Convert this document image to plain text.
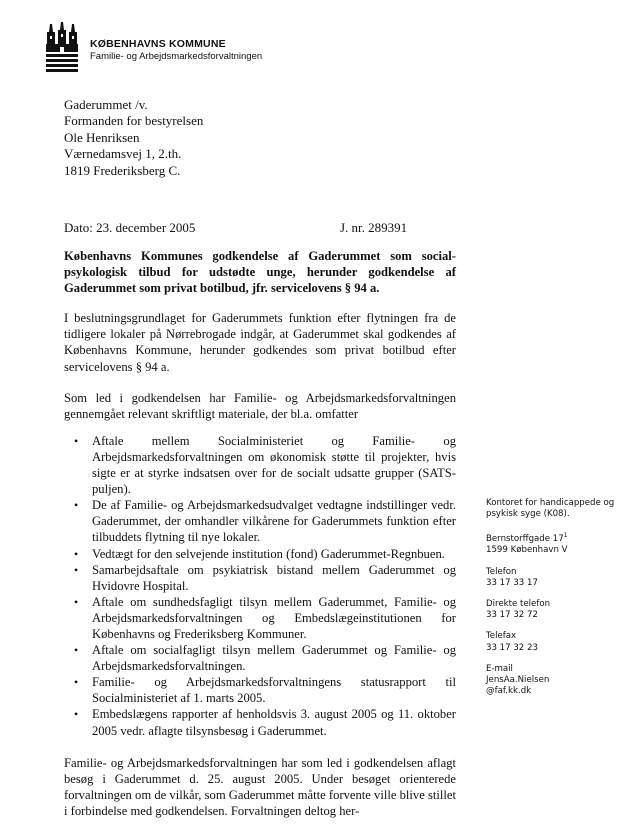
KØBENHAVNS KOMMUNE
Familie- og Arbejdsmarkedsforvaltningen
Gaderummet /v.
Formanden for bestyrelsen
Ole Henriksen
Værnedamsvej 1, 2.th.
1819 Frederiksberg C.
Dato: 23. december 2005	J. nr. 289391

Københavns Kommunes godkendelse af Gaderummet som social-psykologisk tilbud for udstødte unge, herunder godkendelse af Gaderummet som privat botilbud, jfr. servicelovens § 94 a.

I beslutningsgrundlaget for Gaderummets funktion efter flytningen fra de tidligere lokaler på Nørrebrogade indgår, at Gaderummet skal godkendes af Københavns Kommune, herunder godkendes som privat botilbud efter servicelovens § 94 a.

Som led i godkendelsen har Familie- og Arbejdsmarkedsforvaltningen gennemgået relevant skriftligt materiale, der bl.a. omfatter

• Aftale mellem Socialministeriet og Familie- og Arbejdsmarkedsforvaltningen om økonomisk støtte til projekter, hvis sigte er at styrke indsatsen over for de socialt udsatte grupper (SATS-puljen).
• De af Familie- og Arbejdsmarkedsudvalget vedtagne indstillinger vedr. Gaderummet, der omhandler vilkårene for Gaderummets funktion efter tilbuddets flytning til nye lokaler.
• Vedtægt for den selvejende institution (fond) Gaderummet-Regnbuen.
• Samarbejdsaftale om psykiatrisk bistand mellem Gaderummet og Hvidovre Hospital.
• Aftale om sundhedsfagligt tilsyn mellem Gaderummet, Familie- og Arbejdsmarkedsforvaltningen og Embedslægeinstitutionen for Københavns og Frederiksberg Kommuner.
• Aftale om socialfagligt tilsyn mellem Gaderummet og Familie- og Arbejdsmarkedsforvaltningen.
• Familie- og Arbejdsmarkedsforvaltningens statusrapport til Socialministeriet af 1. marts 2005.
• Embedslægens rapporter af henholdsvis 3. august 2005 og 11. oktober 2005 vedr. aflagte tilsynsbesøg i Gaderummet.

Familie- og Arbejdsmarkedsforvaltningen har som led i godkendelsen aflagt besøg i Gaderummet d. 25. august 2005. Under besøget orienterede forvaltningen om de vilkår, som Gaderummet måtte forvente ville blive stillet i forbindelse med godkendelsen. Forvaltningen deltog her-

Kontoret for handicappede og psykisk syge (K08).
Bernstorffgade $17^1$
1599 København V
Telefon
33 17 33 17
Direkte telefon
33 17 32 72
Telefax
33 17 32 23
E-mail
JensAa.Nielsen
@faf.kk.dk
